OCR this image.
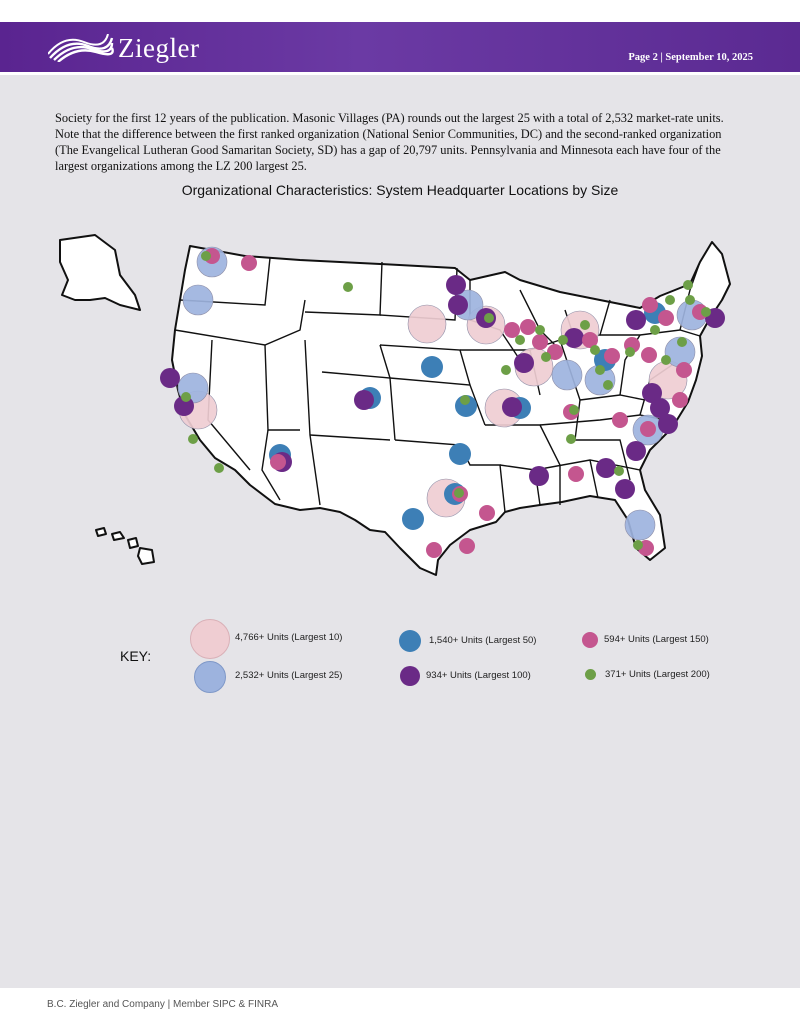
Ziegler	Page 2 | September 10, 2025

Society for the first 12 years of the publication. Masonic Villages (PA) rounds out the largest 25 with a total of 2,532 market-rate units. Note that the difference between the first ranked organization (National Senior Communities, DC) and the second-ranked organization (The Evangelical Lutheran Good Samaritan Society, SD) has a gap of 20,797 units. Pennsylvania and Minnesota each have four of the largest organizations among the LZ 200 largest 25.

Organizational Characteristics: System Headquarter Locations by Size
KEY:
4,766+ Units (Largest 10)
2,532+ Units (Largest 25)
1,540+ Units (Largest 50)
934+ Units (Largest 100)
594+ Units (Largest 150)
371+ Units (Largest 200)
B.C. Ziegler and Company | Member SIPC & FINRA
